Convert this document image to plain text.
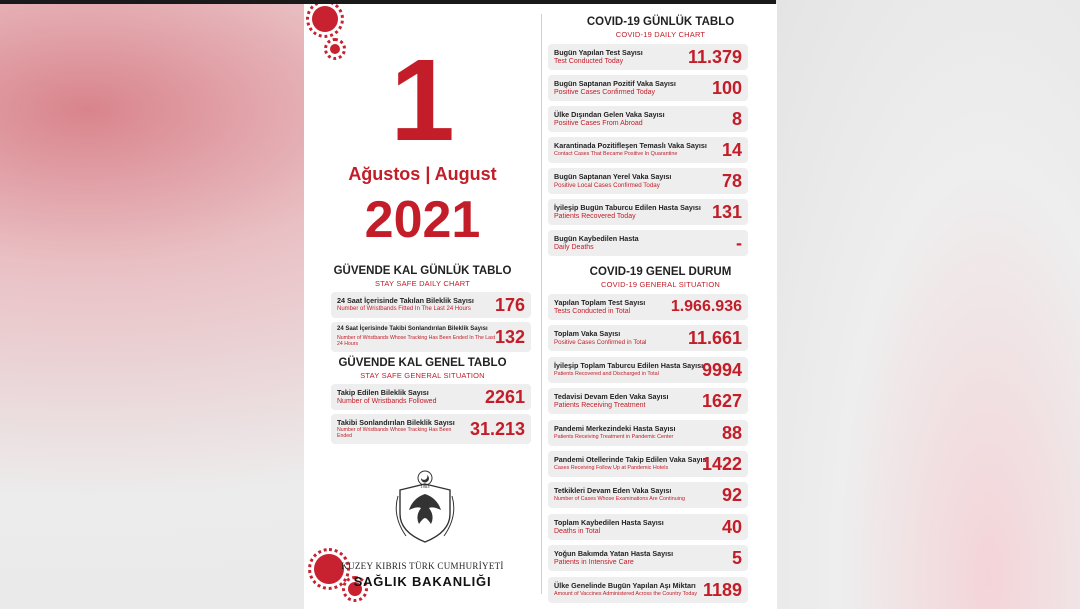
1
Ağustos | August
2021
GÜVENDE KAL GÜNLÜK TABLO
STAY SAFE DAILY CHART
24 Saat İçerisinde Takılan Bileklik Sayısı
Number of Wristbands Fitted In The Last 24 Hours 176
24 Saat İçerisinde Takibi Sonlandırılan Bileklik Sayısı
Number of Wristbands Whose Tracking Has Been Ended In The Last 24 Hours	132
GÜVENDE KAL GENEL TABLO
STAY SAFE GENERAL SITUATION
Takip Edilen Bileklik Sayısı
Number of Wristbands Followed	2261
Takibi Sonlandırılan Bileklik Sayısı
Number of Wristbands Whose Tracking Has Been Ended	31.213
1983
KUZEY KIBRIS TÜRK CUMHURİYETİ
SAĞLIK BAKANLIĞI
COVID-19 GÜNLÜK TABLO
COVID-19 DAILY CHART
Bugün Yapılan Test Sayısı
Test Conducted Today	11.379
Bugün Saptanan Pozitif Vaka Sayısı
Positive Cases Confirmed Today	100
Ülke Dışından Gelen Vaka Sayısı
Positive Cases From Abroad	8
Karantinada Pozitifleşen Temaslı Vaka Sayısı
Contact Cases That Became Positive In Quarantine 14
Bugün Saptanan Yerel Vaka Sayısı
Positive Local Cases Confirmed Today	78
İyileşip Bugün Taburcu Edilen Hasta Sayısı
Patients Recovered Today	131
Bugün Kaybedilen Hasta
Daily Deaths	-
COVID-19 GENEL DURUM
COVID-19 GENERAL SITUATION
Yapılan Toplam Test Sayısı
Tests Conducted in Total	1.966.936
Toplam Vaka Sayısı
Positive Cases Confirmed in Total 11.661
İyileşip Toplam Taburcu Edilen Hasta Sayısı
Patients Recovered and Discharged in Total 9994
Tedavisi Devam Eden Vaka Sayısı
Patients Receiving Treatment	1627
Pandemi Merkezindeki Hasta Sayısı
Patients Receiving Treatment in Pandemic Center	88
Pandemi Otellerinde Takip Edilen Vaka Sayısı
Cases Receiving Follow Up at Pandemic Hotels 1422
Tetkikleri Devam Eden Vaka Sayısı
Number of Cases Whose Examinations Are Continuing 92
Toplam Kaybedilen Hasta Sayısı
Deaths in Total	40
Yoğun Bakımda Yatan Hasta Sayısı
Patients in Intensive Care	5
Ülke Genelinde Bugün Yapılan Aşı Miktarı
Amount of Vaccines Administered Across the Country Today 1189
